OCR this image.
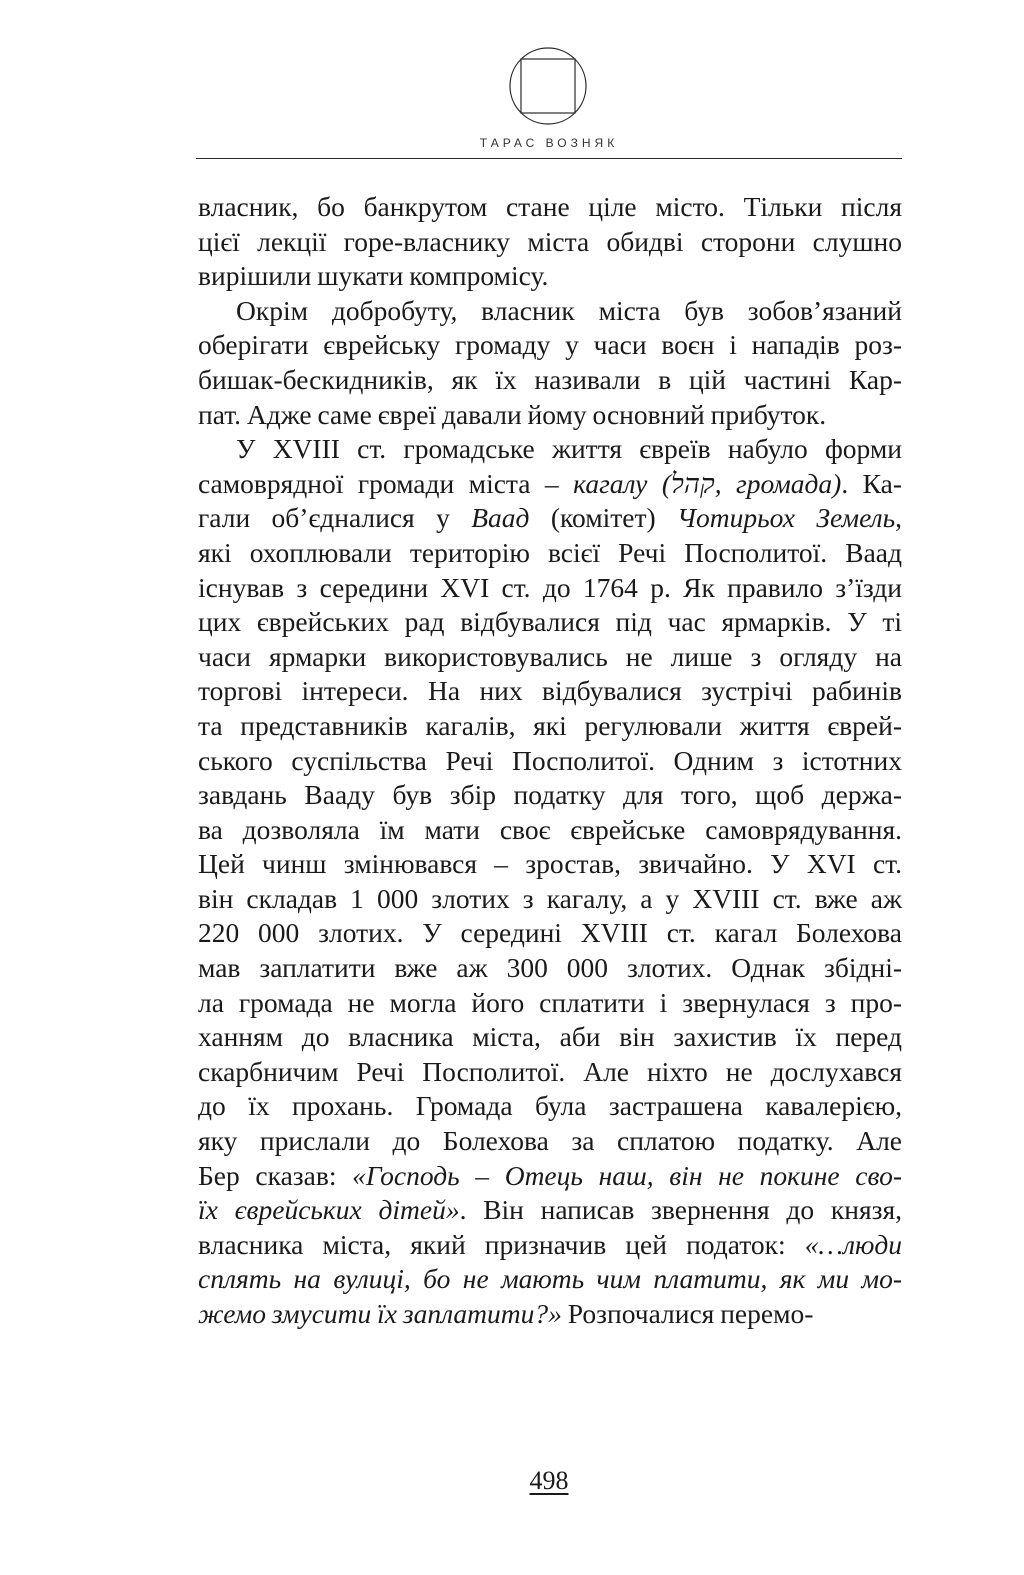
ТАРАС ВОЗНЯК

власник, бо банкрутом стане ціле місто. Тільки після
цієї лекції горе-власнику міста обидві сторони слушно
вирішили шукати компромісу.

Окрім добробуту, власник міста був зобов’язаний
оберігати єврейську громаду у часи воєн і нападів роз-
бишак-бескидників, як їх називали в цій частині Кар-
пат. Адже саме євреї давали йому основний прибуток.

У XVIII ст. громадське життя євреїв набуло форми
самоврядної громади міста – кагалу (קהל, громада). Ка-
гали об’єдналися у Ваад (комітет) Чотирьох Земель,
які охоплювали територію всієї Речі Посполитої. Ваад
існував з середини XVI ст. до 1764 р. Як правило з’їзди
цих єврейських рад відбувалися під час ярмарків. У ті
часи ярмарки використовувались не лише з огляду на
торгові інтереси. На них відбувалися зустрічі рабинів
та представників кагалів, які регулювали життя єврей-
ського суспільства Речі Посполитої. Одним з істотних
завдань Вааду був збір податку для того, щоб держа-
ва дозволяла їм мати своє єврейське самоврядування.
Цей чинш змінювався – зростав, звичайно. У XVI ст.
він складав 1 000 злотих з кагалу, а у XVIII ст. вже аж
220 000 злотих. У середині XVIII ст. кагал Болехова
мав заплатити вже аж 300 000 злотих. Однак збідні-
ла громада не могла його сплатити і звернулася з про-
ханням до власника міста, аби він захистив їх перед
скарбничим Речі Посполитої. Але ніхто не дослухався
до їх прохань. Громада була застрашена кавалерією,
яку прислали до Болехова за сплатою податку. Але
Бер сказав: «Господь – Отець наш, він не покине сво-
їх єврейських дітей». Він написав звернення до князя,
власника міста, який призначив цей податок: «…люди
сплять на вулиці, бо не мають чим платити, як ми мо-
жемо змусити їх заплатити?» Розпочалися перемо-

498
